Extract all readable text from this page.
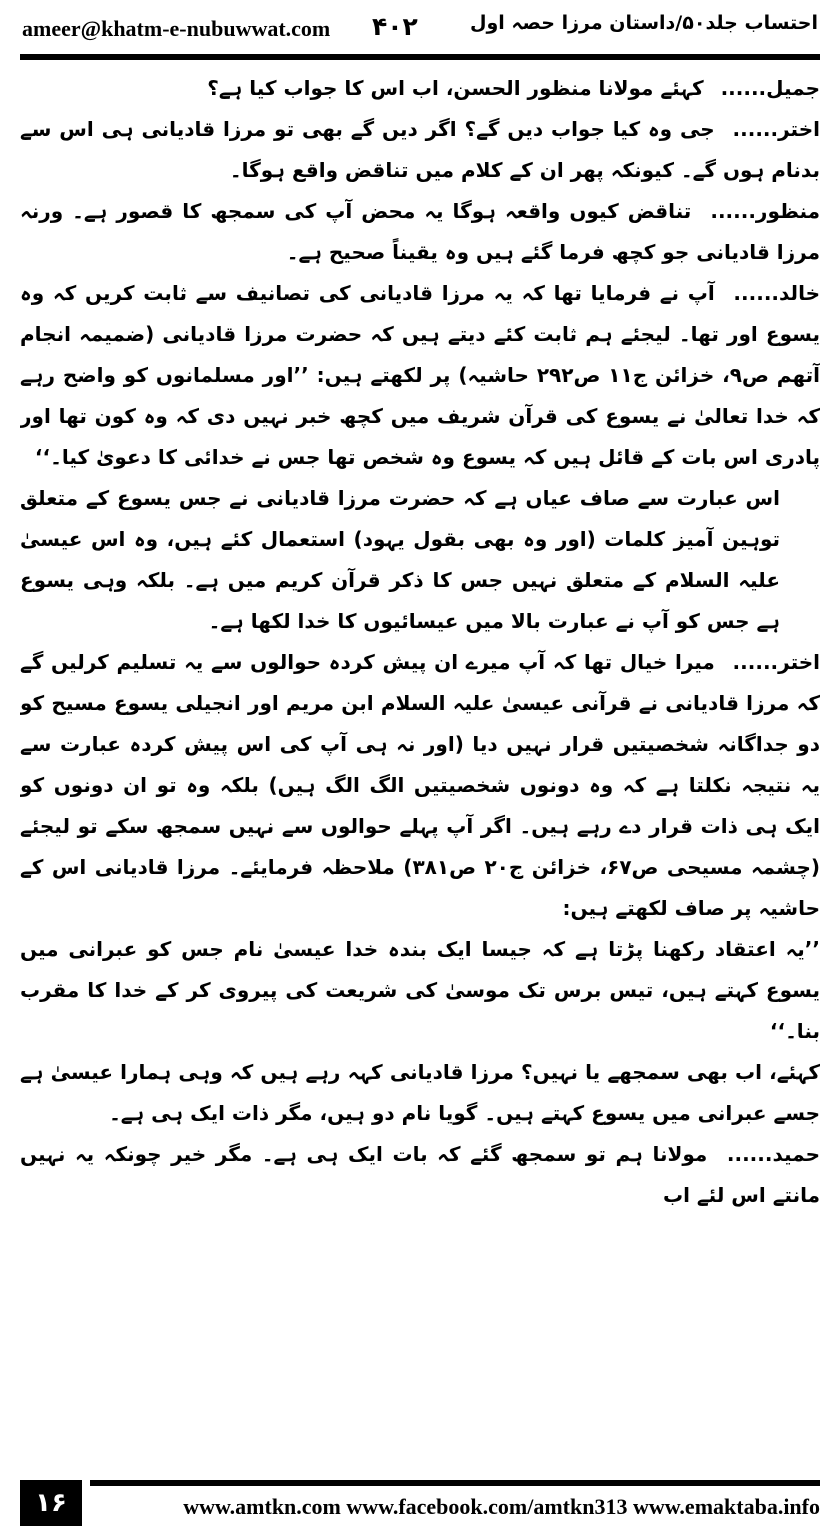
ameer@khatm-e-nubuwwat.com ۴۰۲	احتساب جلد۵۰/داستان مرزا حصہ اول

جمیل...... کہئے مولانا منظور الحسن، اب اس کا جواب کیا ہے؟

اختر...... جی وہ کیا جواب دیں گے؟ اگر دیں گے بھی تو مرزا قادیانی ہی اس سے بدنام ہوں گے۔ کیونکہ پھر ان کے کلام میں تناقض واقع ہوگا۔

منظور...... تناقض کیوں واقعہ ہوگا یہ محض آپ کی سمجھ کا قصور ہے۔ ورنہ مرزا قادیانی جو کچھ فرما گئے ہیں وہ یقیناً صحیح ہے۔

خالد...... آپ نے فرمایا تھا کہ یہ مرزا قادیانی کی تصانیف سے ثابت کریں کہ وہ یسوع اور تھا۔ لیجئے ہم ثابت کئے دیتے ہیں کہ حضرت مرزا قادیانی (ضمیمہ انجام آتھم ص۹، خزائن ج۱۱ ص۲۹۲ حاشیہ) پر لکھتے ہیں: ’’اور مسلمانوں کو واضح رہے کہ خدا تعالیٰ نے یسوع کی قرآن شریف میں کچھ خبر نہیں دی کہ وہ کون تھا اور پادری اس بات کے قائل ہیں کہ یسوع وہ شخص تھا جس نے خدائی کا دعویٰ کیا۔‘‘

اس عبارت سے صاف عیاں ہے کہ حضرت مرزا قادیانی نے جس یسوع کے متعلق توہین آمیز کلمات (اور وہ بھی بقول یہود) استعمال کئے ہیں، وہ اس عیسیٰ علیہ السلام کے متعلق نہیں جس کا ذکر قرآن کریم میں ہے۔ بلکہ وہی یسوع ہے جس کو آپ نے عبارت بالا میں عیسائیوں کا خدا لکھا ہے۔

اختر...... میرا خیال تھا کہ آپ میرے ان پیش کردہ حوالوں سے یہ تسلیم کرلیں گے کہ مرزا قادیانی نے قرآنی عیسیٰ علیہ السلام ابن مریم اور انجیلی یسوع مسیح کو دو جداگانہ شخصیتیں قرار نہیں دیا (اور نہ ہی آپ کی اس پیش کردہ عبارت سے یہ نتیجہ نکلتا ہے کہ وہ دونوں شخصیتیں الگ الگ ہیں) بلکہ وہ تو ان دونوں کو ایک ہی ذات قرار دے رہے ہیں۔ اگر آپ پہلے حوالوں سے نہیں سمجھ سکے تو لیجئے (چشمہ مسیحی ص۶۷، خزائن ج۲۰ ص۳۸۱) ملاحظہ فرمایئے۔ مرزا قادیانی اس کے حاشیہ پر صاف لکھتے ہیں:

’’یہ اعتقاد رکھنا پڑتا ہے کہ جیسا ایک بندہ خدا عیسیٰ نام جس کو عبرانی میں یسوع کہتے ہیں، تیس برس تک موسیٰ کی شریعت کی پیروی کر کے خدا کا مقرب بنا۔‘‘

کہئے، اب بھی سمجھے یا نہیں؟ مرزا قادیانی کہہ رہے ہیں کہ وہی ہمارا عیسیٰ ہے جسے عبرانی میں یسوع کہتے ہیں۔ گویا نام دو ہیں، مگر ذات ایک ہی ہے۔

حمید...... مولانا ہم تو سمجھ گئے کہ بات ایک ہی ہے۔ مگر خیر چونکہ یہ نہیں مانتے اس لئے اب

۱۶	www.amtkn.com www.facebook.com/amtkn313 www.emaktaba.info
